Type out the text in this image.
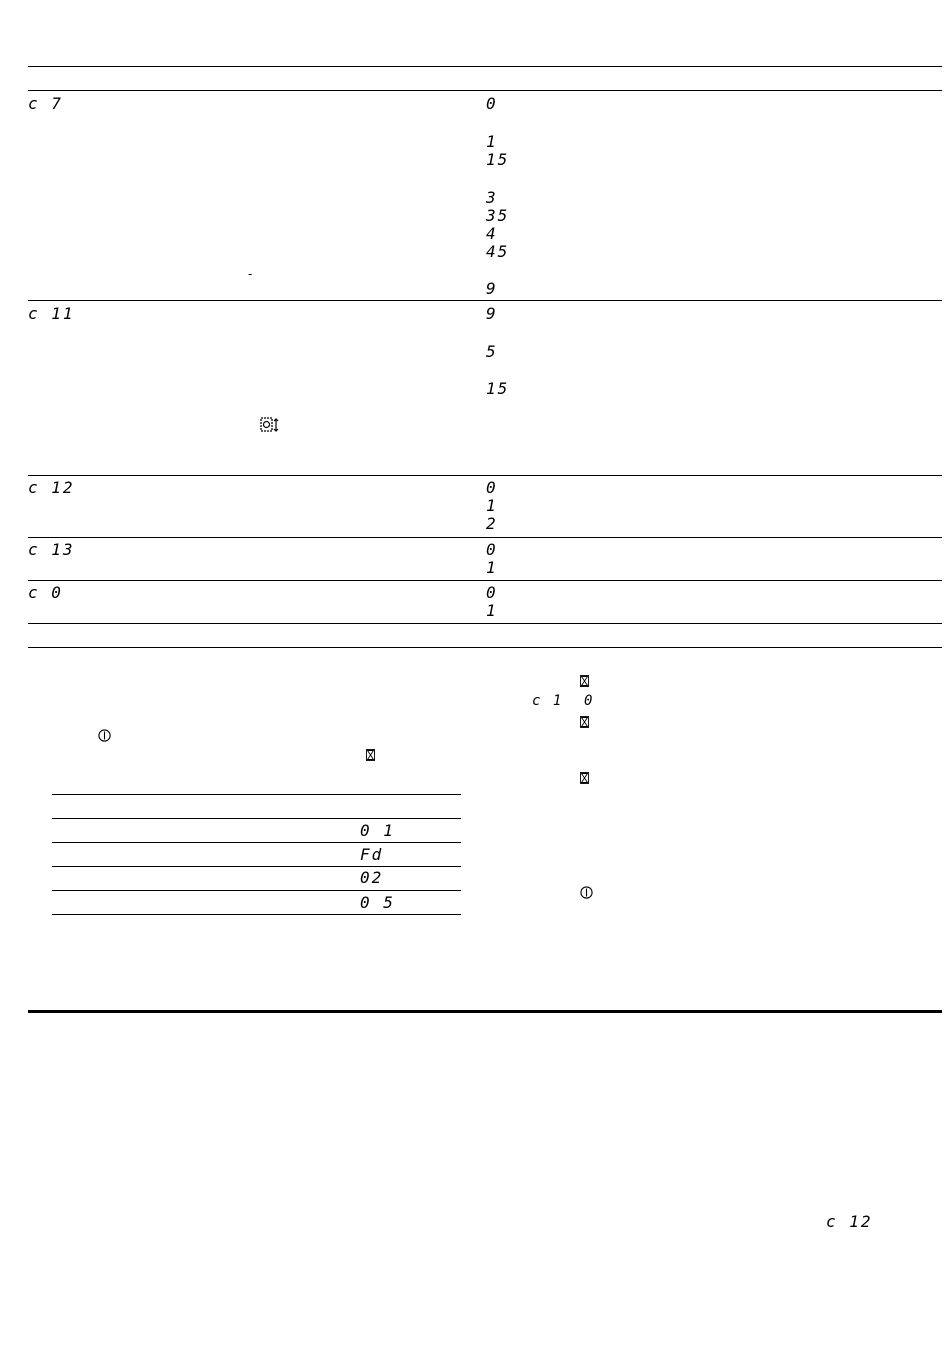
c 7	0
1
15
3
35
4
45
-
9
c 11	9
5
15
c 12	0
1
2
c 13	0
1
c 0	0
1
0 1
Fd
02
0 5
c 1 0
c 12
